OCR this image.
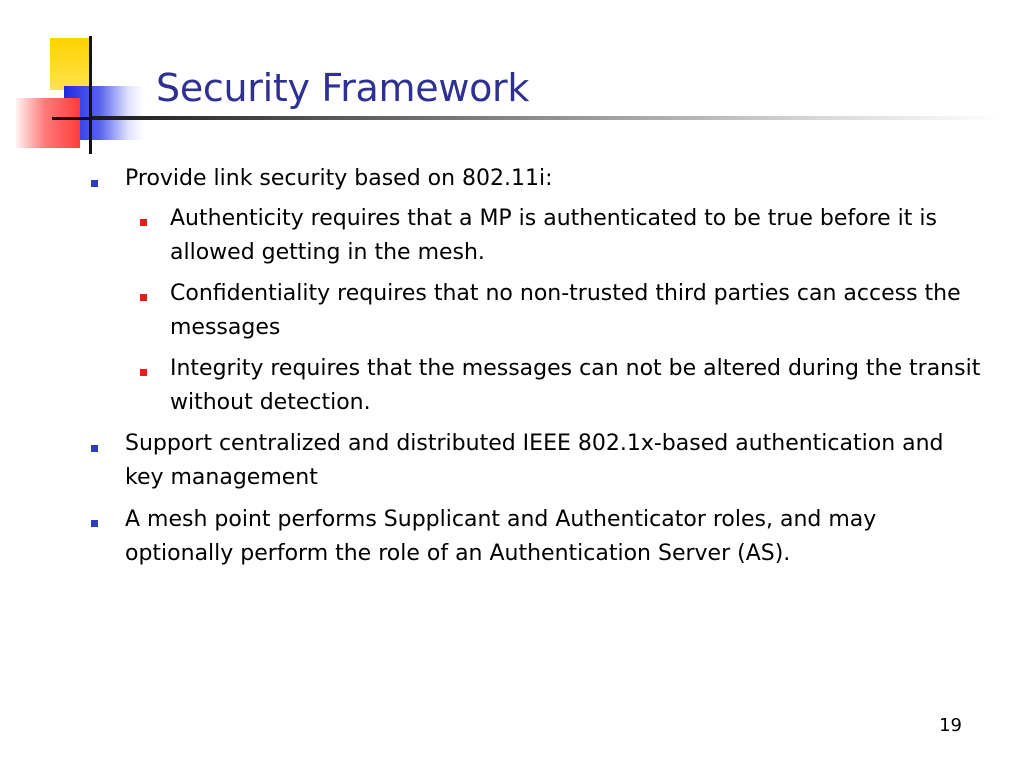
Security Framework

Provide link security based on 802.11i:

Authenticity requires that a MP is authenticated to be true before it is allowed getting in the mesh.

Confidentiality requires that no non-trusted third parties can access the messages

Integrity requires that the messages can not be altered during the transit without detection.

Support centralized and distributed IEEE 802.1x-based authentication and key management

A mesh point performs Supplicant and Authenticator roles, and may optionally perform the role of an Authentication Server (AS).

19
